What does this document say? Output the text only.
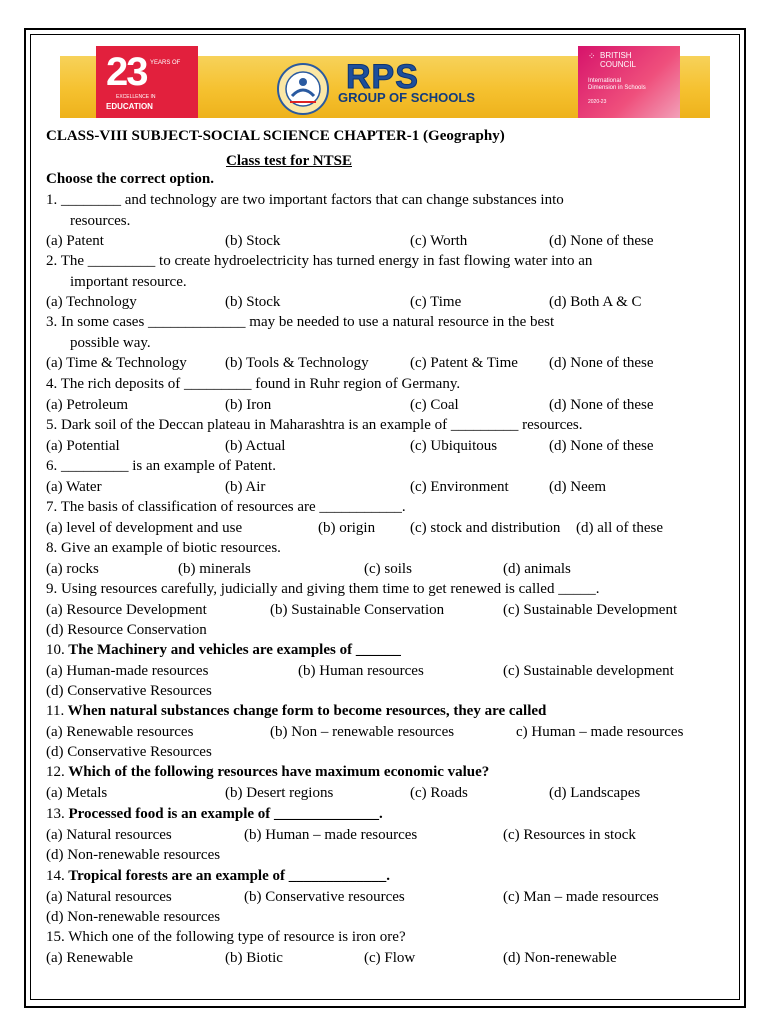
23 YEARS OF
EXCELLENCE IN
EDUCATION
RPS
GROUP OF SCHOOLS
⁘ BRITISH
COUNCIL
International
Dimension in Schools
2020-23
CLASS-VIII SUBJECT-SOCIAL SCIENCE CHAPTER-1 (Geography)
Class test for NTSE
Choose the correct option.
1. ________ and technology are two important factors that can change substances into
resources.
(a) Patent	(b) Stock	(c) Worth	(d) None of these
2. The _________ to create hydroelectricity has turned energy in fast flowing water into an
important resource.
(a) Technology	(b) Stock	(c) Time	(d) Both A & C
3. In some cases _____________ may be needed to use a natural resource in the best
possible way.
(a) Time & Technology	(b) Tools & Technology	(c) Patent & Time (d) None of these
4. The rich deposits of _________ found in Ruhr region of Germany.
(a) Petroleum	(b) Iron	(c) Coal	(d) None of these
5. Dark soil of the Deccan plateau in Maharashtra is an example of _________ resources.
(a) Potential	(b) Actual	(c) Ubiquitous	(d) None of these
6. _________ is an example of Patent.
(a) Water	(b) Air	(c) Environment	(d) Neem
7. The basis of classification of resources are ___________.
(a) level of development and use	(b) origin (c) stock and distribution (d) all of these
8. Give an example of biotic resources.
(a) rocks	(b) minerals	(c) soils	(d) animals
9. Using resources carefully, judicially and giving them time to get renewed is called _____.
(a) Resource Development	(b) Sustainable Conservation	(c) Sustainable Development
(d) Resource Conservation
10. The Machinery and vehicles are examples of ______
(a) Human-made resources	(b) Human resources	(c) Sustainable development
(d) Conservative Resources
11. When natural substances change form to become resources, they are called
(a) Renewable resources	(b) Non – renewable resources	c) Human – made resources
(d) Conservative Resources
12. Which of the following resources have maximum economic value?
(a) Metals	(b) Desert regions	(c) Roads	(d) Landscapes
13. Processed food is an example of ______________.
(a) Natural resources	(b) Human – made resources	(c) Resources in stock
(d) Non-renewable resources
14. Tropical forests are an example of _____________.
(a) Natural resources	(b) Conservative resources	(c) Man – made resources
(d) Non-renewable resources
15. Which one of the following type of resource is iron ore?
(a) Renewable	(b) Biotic	(c) Flow	(d) Non-renewable
